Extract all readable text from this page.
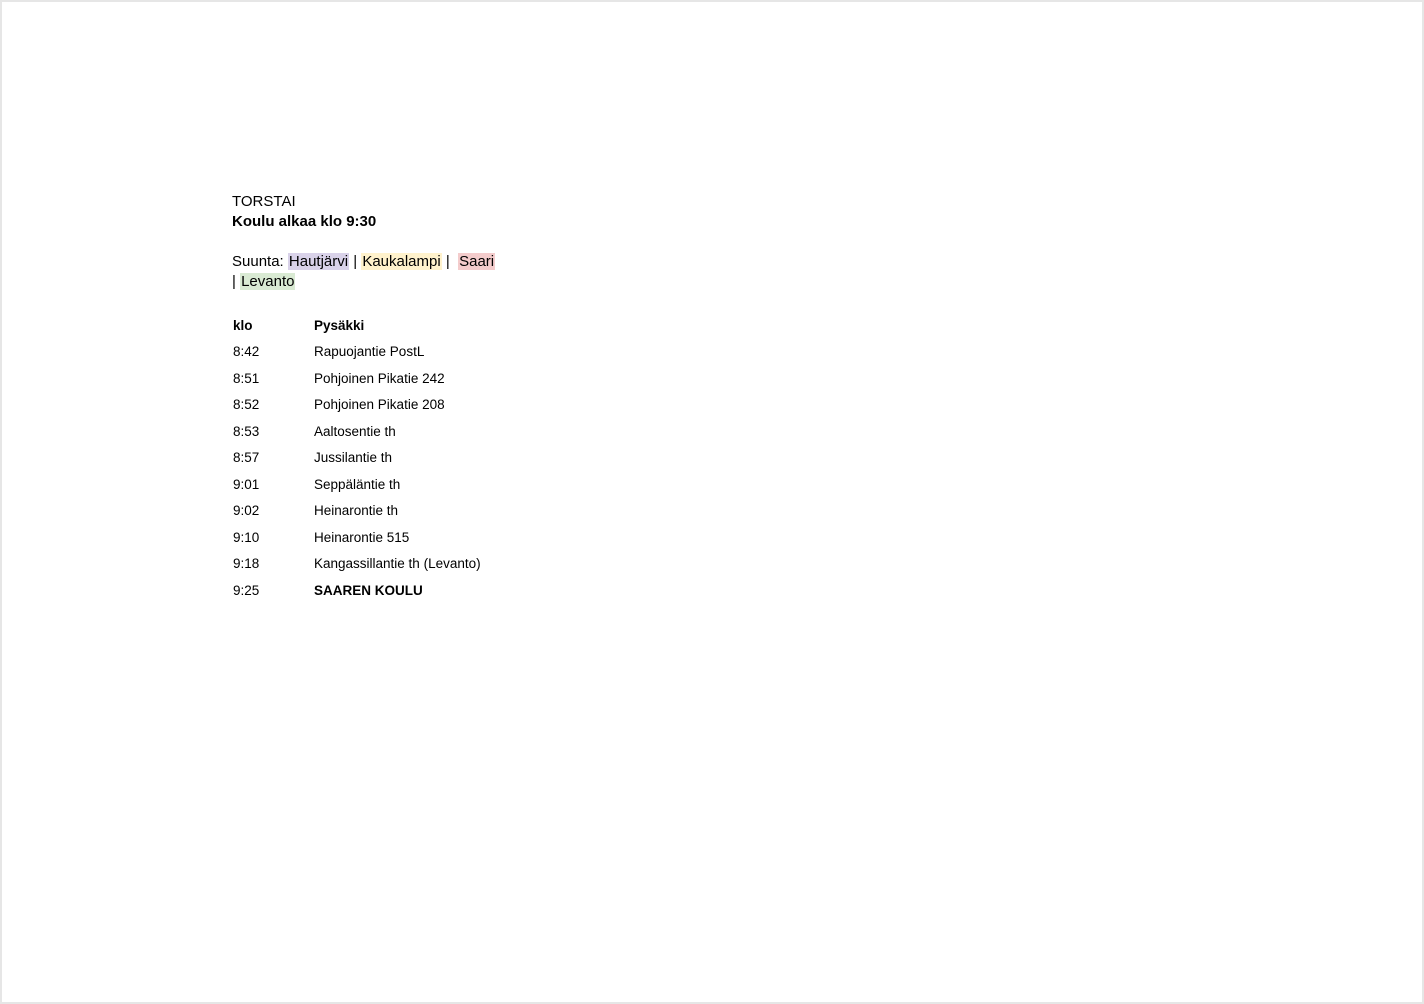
TORSTAI

Koulu alkaa klo 9:30

Suunta: Hautjärvi | Kaukalampi |  Saari
| Levanto
klo	Pysäkki
8:42	Rapuojantie PostL
8:51	Pohjoinen Pikatie 242
8:52	Pohjoinen Pikatie 208
8:53	Aaltosentie th
8:57	Jussilantie th
9:01	Seppäläntie th
9:02	Heinarontie th
9:10	Heinarontie 515
9:18	Kangassillantie th (Levanto)
9:25	SAAREN KOULU
